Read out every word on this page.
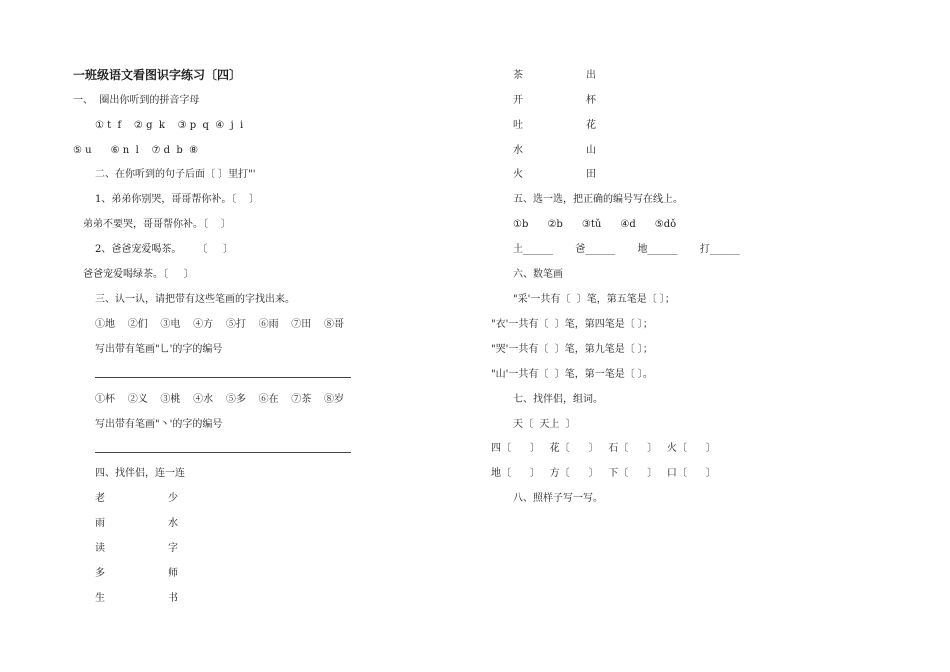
一班级语文看图识字练习〔四〕
一、  圈出你听到的拼音字母
① t  f    ② g  k    ③ p  q  ④  j  i
⑤ u      ⑥ n  l    ⑦ d  b  ⑧
二、在你听到的句子后面〔 〕里打"'
1、弟弟你别哭，哥哥帮你补。〔    〕
弟弟不要哭，哥哥帮你补。〔    〕
2、爸爸宠爱喝茶。     〔     〕
爸爸宠爱喝绿茶。〔     〕
三、认一认，请把带有这些笔画的字找出来。
①地    ②们    ③电    ④方    ⑤打    ⑥雨    ⑦田    ⑧哥
写出带有笔画"乚'的字的编号
①杯    ②义    ③桃    ④水    ⑤多    ⑥在    ⑦茶    ⑧岁
写出带有笔画"丶'的字的编号
四、找伴侣，连一连
老	少
雨	水
读	字
多	师
生	书
茶	出
开	杯
吐	花
水	山
火	田
五、选一选，把正确的编号写在线上。
①b      ②b      ③tǔ      ④d      ⑤dǒ
土______       爸______       地______       打______
六、数笔画
"采'一共有〔  〕笔，第五笔是〔 〕；
"衣'一共有〔  〕笔，第四笔是〔 〕；
"哭'一共有〔  〕笔，第九笔是〔 〕；
"山'一共有〔  〕笔，第一笔是〔 〕。
七、找伴侣，组词。
天〔  天上  〕
四〔      〕   花〔      〕   石〔      〕   火〔      〕
地〔      〕   方〔      〕   下〔      〕   口〔      〕
八、照样子写一写。
